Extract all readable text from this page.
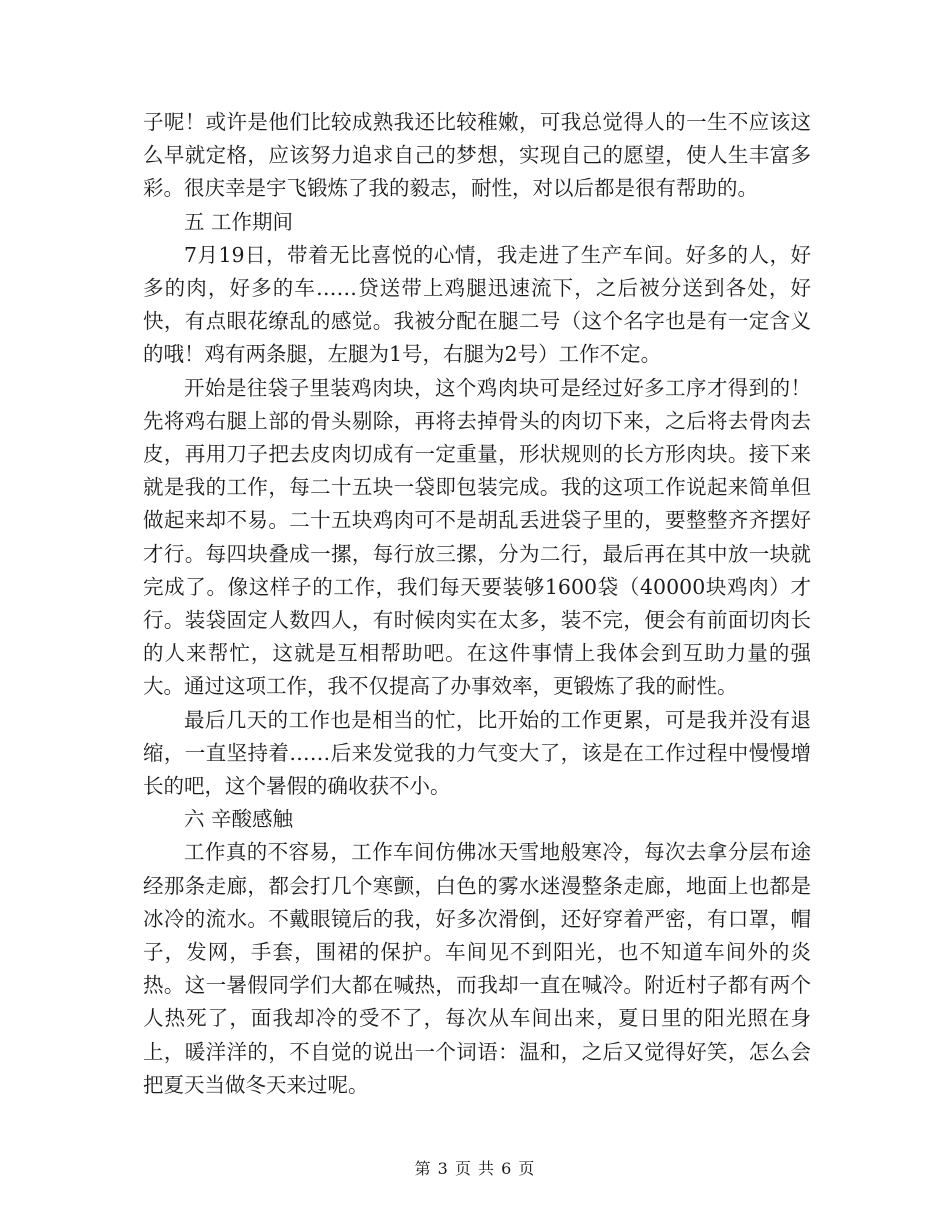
子呢！或许是他们比较成熟我还比较稚嫩，可我总觉得人的一生不应该这么早就定格，应该努力追求自己的梦想，实现自己的愿望，使人生丰富多彩。很庆幸是宇飞锻炼了我的毅志，耐性，对以后都是很有帮助的。

五 工作期间

7月19日，带着无比喜悦的心情，我走进了生产车间。好多的人，好多的肉，好多的车……贷送带上鸡腿迅速流下，之后被分送到各处，好快，有点眼花缭乱的感觉。我被分配在腿二号（这个名字也是有一定含义的哦！鸡有两条腿，左腿为1号，右腿为2号）工作不定。

开始是往袋子里装鸡肉块，这个鸡肉块可是经过好多工序才得到的！先将鸡右腿上部的骨头剔除，再将去掉骨头的肉切下来，之后将去骨肉去皮，再用刀子把去皮肉切成有一定重量，形状规则的长方形肉块。接下来就是我的工作，每二十五块一袋即包装完成。我的这项工作说起来简单但做起来却不易。二十五块鸡肉可不是胡乱丢进袋子里的，要整整齐齐摆好才行。每四块叠成一摞，每行放三摞，分为二行，最后再在其中放一块就完成了。像这样子的工作，我们每天要装够1600袋（40000块鸡肉）才行。装袋固定人数四人，有时候肉实在太多，装不完，便会有前面切肉长的人来帮忙，这就是互相帮助吧。在这件事情上我体会到互助力量的强大。通过这项工作，我不仅提高了办事效率，更锻炼了我的耐性。

最后几天的工作也是相当的忙，比开始的工作更累，可是我并没有退缩，一直坚持着……后来发觉我的力气变大了，该是在工作过程中慢慢增长的吧，这个暑假的确收获不小。

六 辛酸感触

工作真的不容易，工作车间仿佛冰天雪地般寒冷，每次去拿分层布途经那条走廊，都会打几个寒颤，白色的雾水迷漫整条走廊，地面上也都是冰冷的流水。不戴眼镜后的我，好多次滑倒，还好穿着严密，有口罩，帽子，发网，手套，围裙的保护。车间见不到阳光，也不知道车间外的炎热。这一暑假同学们大都在喊热，而我却一直在喊冷。附近村子都有两个人热死了，面我却冷的受不了，每次从车间出来，夏日里的阳光照在身上，暖洋洋的，不自觉的说出一个词语：温和，之后又觉得好笑，怎么会把夏天当做冬天来过呢。

第 3 页 共 6 页
